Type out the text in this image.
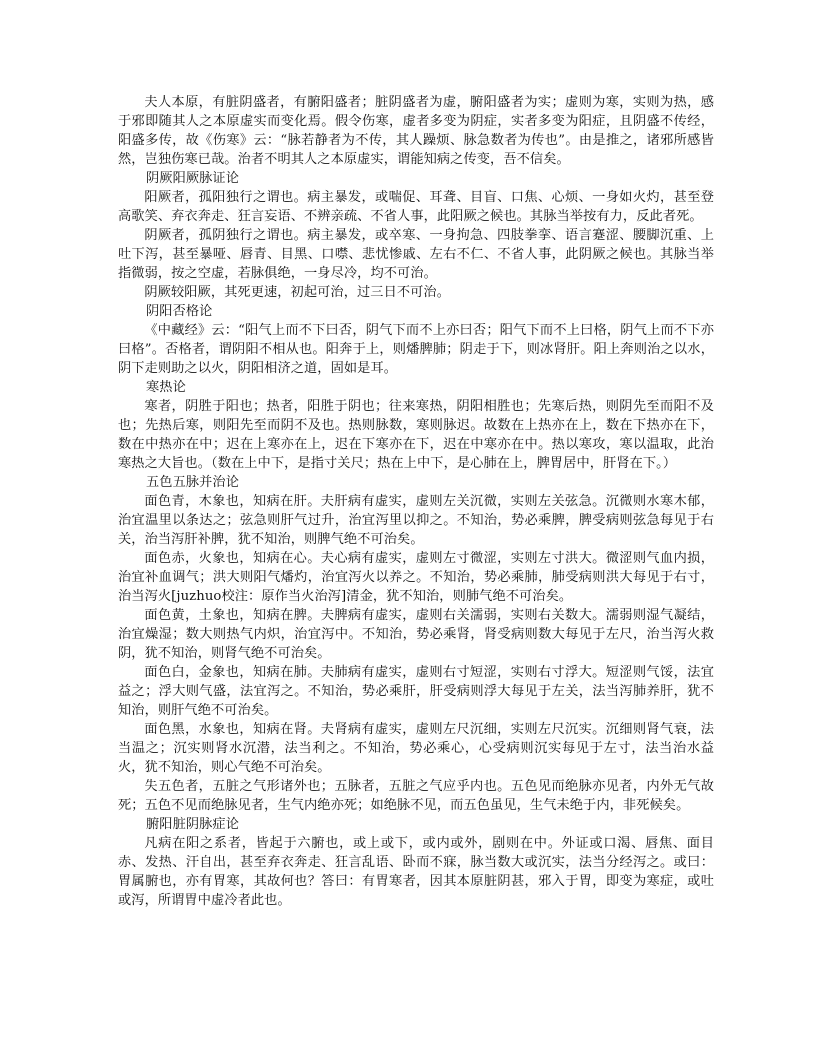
夫人本原，有脏阴盛者，有腑阳盛者；脏阴盛者为虚，腑阳盛者为实；虚则为寒，实则为热，感于邪即随其人之本原虚实而变化焉。假令伤寒，虚者多变为阴症，实者多变为阳症，且阴盛不传经，阳盛多传，故《伤寒》云：“脉若静者为不传，其人躁烦、脉急数者为传也”。由是推之，诸邪所感皆然，岂独伤寒已哉。治者不明其人之本原虚实，谓能知病之传变，吾不信矣。

阴厥阳厥脉证论

阳厥者，孤阳独行之谓也。病主暴发，或喘促、耳聋、目盲、口焦、心烦、一身如火灼，甚至登高歌笑、弃衣奔走、狂言妄语、不辨亲疏、不省人事，此阳厥之候也。其脉当举按有力，反此者死。

阴厥者，孤阴独行之谓也。病主暴发，或卒寒、一身拘急、四肢拳挛、语言蹇涩、腰脚沉重、上吐下泻，甚至暴哑、唇青、目黑、口噤、悲忧惨戚、左右不仁、不省人事，此阴厥之候也。其脉当举指微弱，按之空虚，若脉俱绝，一身尽冷，均不可治。

阴厥较阳厥，其死更速，初起可治，过三日不可治。

阴阳否格论

《中藏经》云：“阳气上而不下曰否，阴气下而不上亦曰否；阳气下而不上曰格，阴气上而不下亦曰格”。否格者，谓阴阳不相从也。阳奔于上，则燔脾肺；阴走于下，则冰肾肝。阳上奔则治之以水，阴下走则助之以火，阴阳相济之道，固如是耳。

寒热论

寒者，阴胜于阳也；热者，阳胜于阴也；往来寒热，阴阳相胜也；先寒后热，则阴先至而阳不及也；先热后寒，则阳先至而阴不及也。热则脉数，寒则脉迟。故数在上热亦在上，数在下热亦在下，数在中热亦在中；迟在上寒亦在上，迟在下寒亦在下，迟在中寒亦在中。热以寒攻，寒以温取，此治寒热之大旨也。（数在上中下，是指寸关尺；热在上中下，是心肺在上，脾胃居中，肝肾在下。）

五色五脉并治论

面色青，木象也，知病在肝。夫肝病有虚实，虚则左关沉微，实则左关弦急。沉微则水寒木郁，治宜温里以条达之；弦急则肝气过升，治宜泻里以抑之。不知治，势必乘脾，脾受病则弦急每见于右关，治当泻肝补脾，犹不知治，则脾气绝不可治矣。

面色赤，火象也，知病在心。夫心病有虚实，虚则左寸微涩，实则左寸洪大。微涩则气血内损，治宜补血调气；洪大则阳气燔灼，治宜泻火以养之。不知治，势必乘肺，肺受病则洪大每见于右寸，治当泻火[juzhuo校注：原作当火治泻]清金，犹不知治，则肺气绝不可治矣。

面色黄，土象也，知病在脾。夫脾病有虚实，虚则右关濡弱，实则右关数大。濡弱则湿气凝结，治宜燥湿；数大则热气内炽，治宜泻中。不知治，势必乘肾，肾受病则数大每见于左尺，治当泻火救阴，犹不知治，则肾气绝不可治矣。

面色白，金象也，知病在肺。夫肺病有虚实，虚则右寸短涩，实则右寸浮大。短涩则气馁，法宜益之；浮大则气盛，法宜泻之。不知治，势必乘肝，肝受病则浮大每见于左关，法当泻肺养肝，犹不知治，则肝气绝不可治矣。

面色黑，水象也，知病在肾。夫肾病有虚实，虚则左尺沉细，实则左尺沉实。沉细则肾气衰，法当温之；沉实则肾水沉潜，法当利之。不知治，势必乘心，心受病则沉实每见于左寸，法当治水益火，犹不知治，则心气绝不可治矣。

失五色者，五脏之气形诸外也；五脉者，五脏之气应乎内也。五色见而绝脉亦见者，内外无气故死；五色不见而绝脉见者，生气内绝亦死；如绝脉不见，而五色虽见，生气未绝于内，非死候矣。

腑阳脏阴脉症论

凡病在阳之系者，皆起于六腑也，或上或下，或内或外，剧则在中。外证或口渴、唇焦、面目赤、发热、汗自出，甚至弃衣奔走、狂言乱语、卧而不寐，脉当数大或沉实，法当分经泻之。或曰：胃属腑也，亦有胃寒，其故何也？答曰：有胃寒者，因其本原脏阴甚，邪入于胃，即变为寒症，或吐或泻，所谓胃中虚冷者此也。
